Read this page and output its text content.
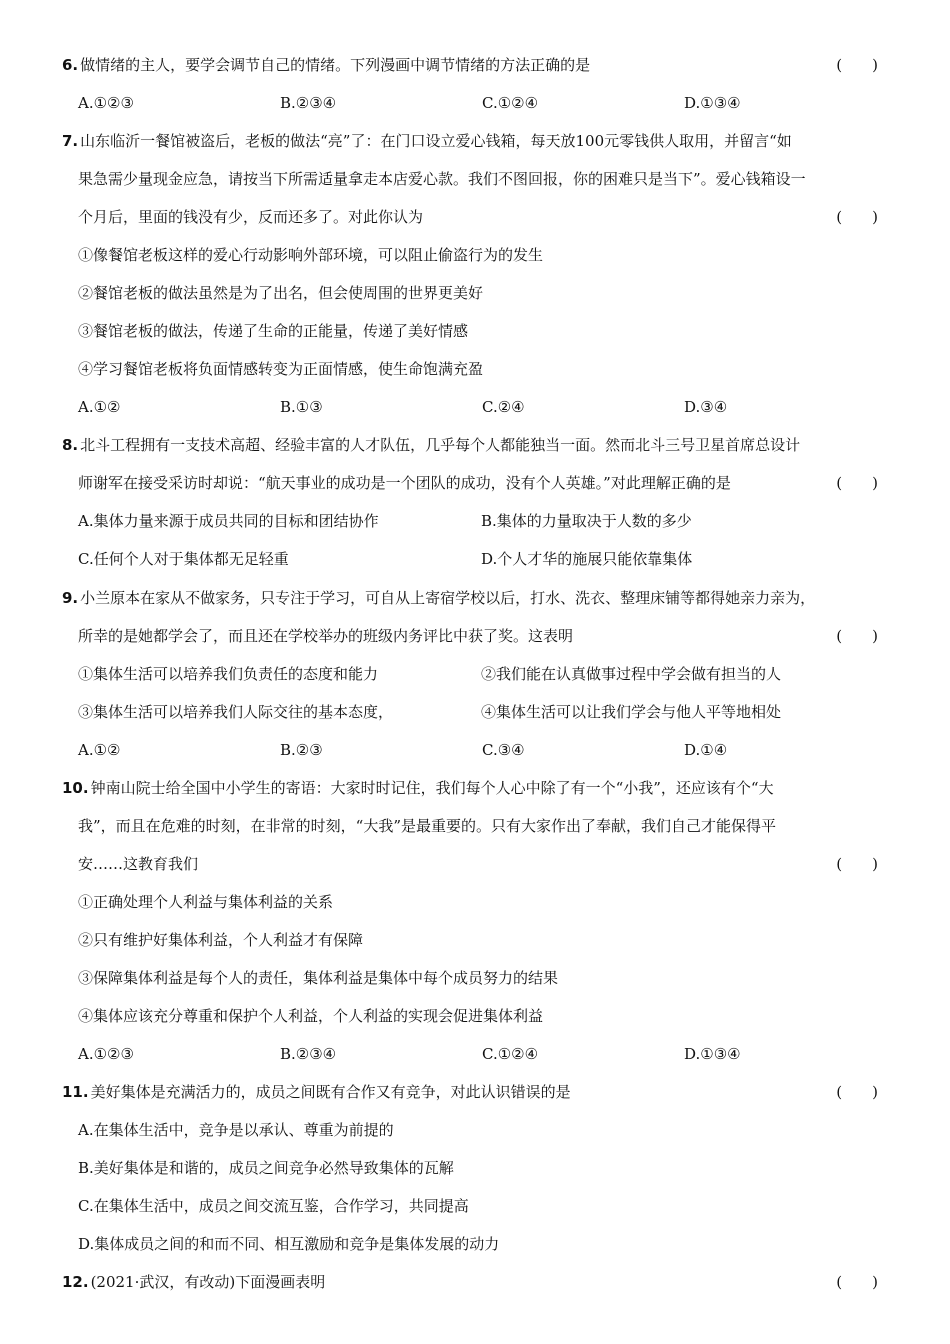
6. 做情绪的主人，要学会调节自己的情绪。下列漫画中调节情绪的方法正确的是	(　　)
A.①②③	B.②③④	C.①②④	D.①③④
7. 山东临沂一餐馆被盗后，老板的做法“亮”了：在门口设立爱心钱箱，每天放100元零钱供人取用，并留言“如
果急需少量现金应急，请按当下所需适量拿走本店爱心款。我们不图回报，你的困难只是当下”。爱心钱箱设一
个月后，里面的钱没有少，反而还多了。对此你认为	(　　)
①像餐馆老板这样的爱心行动影响外部环境，可以阻止偷盗行为的发生
②餐馆老板的做法虽然是为了出名，但会使周围的世界更美好
③餐馆老板的做法，传递了生命的正能量，传递了美好情感
④学习餐馆老板将负面情感转变为正面情感，使生命饱满充盈
A.①②	B.①③	C.②④	D.③④
8. 北斗工程拥有一支技术高超、经验丰富的人才队伍，几乎每个人都能独当一面。然而北斗三号卫星首席总设计
师谢军在接受采访时却说：“航天事业的成功是一个团队的成功，没有个人英雄。”对此理解正确的是	(　　)
A.集体力量来源于成员共同的目标和团结协作	B.集体的力量取决于人数的多少
C.任何个人对于集体都无足轻重	D.个人才华的施展只能依靠集体
9. 小兰原本在家从不做家务，只专注于学习，可自从上寄宿学校以后，打水、洗衣、整理床铺等都得她亲力亲为，
所幸的是她都学会了，而且还在学校举办的班级内务评比中获了奖。这表明	(　　)
①集体生活可以培养我们负责任的态度和能力	②我们能在认真做事过程中学会做有担当的人
③集体生活可以培养我们人际交往的基本态度，	④集体生活可以让我们学会与他人平等地相处
A.①②	B.②③	C.③④	D.①④
10. 钟南山院士给全国中小学生的寄语：大家时时记住，我们每个人心中除了有一个“小我”，还应该有个“大
我”，而且在危难的时刻，在非常的时刻，“大我”是最重要的。只有大家作出了奉献，我们自己才能保得平
安……这教育我们	(　　)
①正确处理个人利益与集体利益的关系
②只有维护好集体利益，个人利益才有保障
③保障集体利益是每个人的责任，集体利益是集体中每个成员努力的结果
④集体应该充分尊重和保护个人利益，个人利益的实现会促进集体利益
A.①②③	B.②③④	C.①②④	D.①③④
11. 美好集体是充满活力的，成员之间既有合作又有竞争，对此认识错误的是	(　　)
A.在集体生活中，竞争是以承认、尊重为前提的
B.美好集体是和谐的，成员之间竞争必然导致集体的瓦解
C.在集体生活中，成员之间交流互鉴，合作学习，共同提高
D.集体成员之间的和而不同、相互激励和竞争是集体发展的动力
12. (2021·武汉，有改动)下面漫画表明	(　　)
